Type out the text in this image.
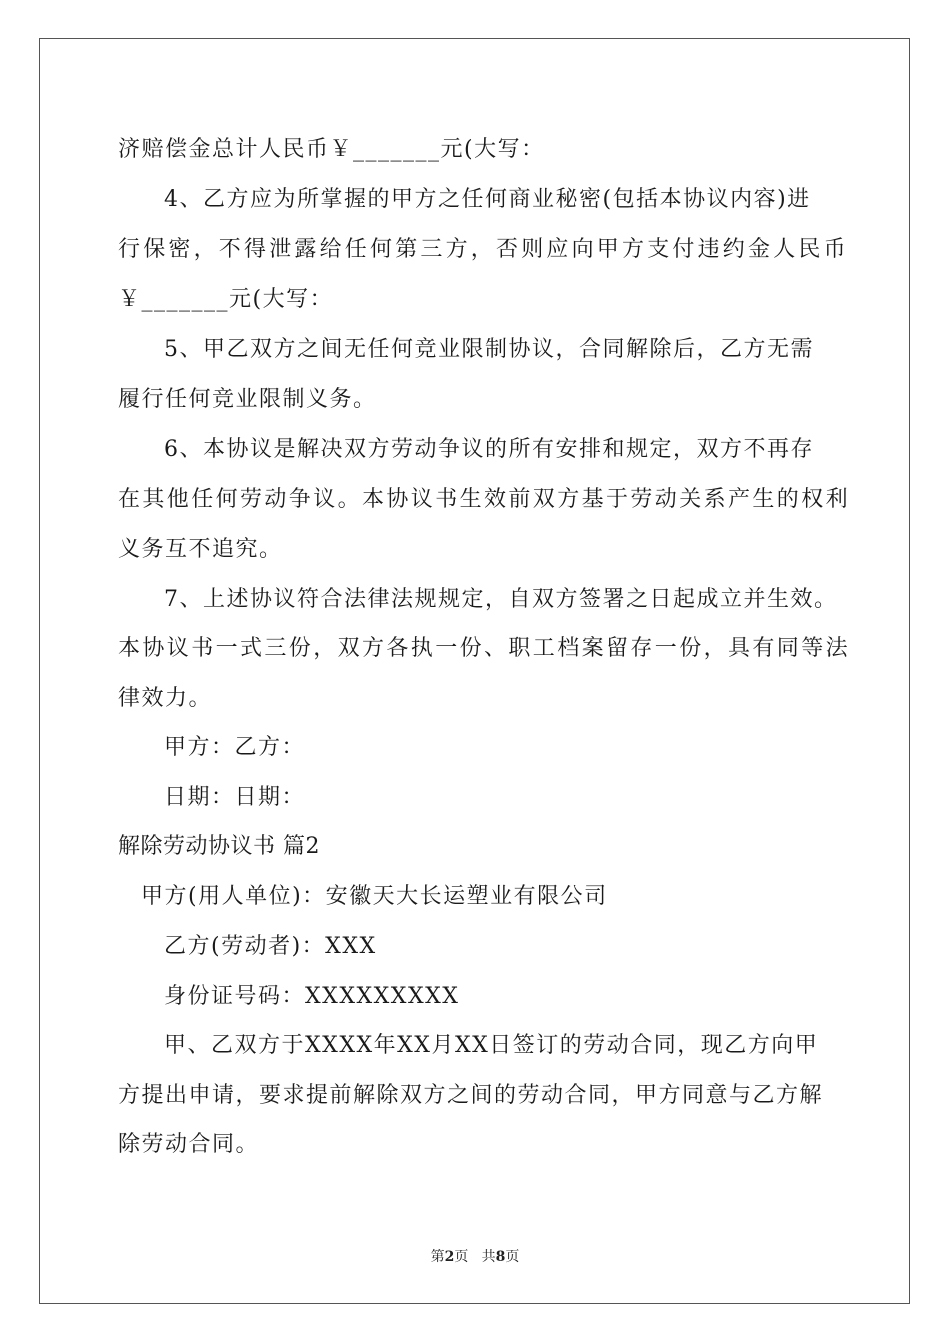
济赔偿金总计人民币￥_______元(大写：
4、乙方应为所掌握的甲方之任何商业秘密(包括本协议内容)进
行保密，不得泄露给任何第三方，否则应向甲方支付违约金人民币
￥_______元(大写：
5、甲乙双方之间无任何竞业限制协议，合同解除后，乙方无需
履行任何竞业限制义务。
6、本协议是解决双方劳动争议的所有安排和规定，双方不再存
在其他任何劳动争议。本协议书生效前双方基于劳动关系产生的权利
义务互不追究。
7、上述协议符合法律法规规定，自双方签署之日起成立并生效。
本协议书一式三份，双方各执一份、职工档案留存一份，具有同等法
律效力。
甲方：乙方：
日期：日期：
解除劳动协议书 篇2
甲方(用人单位)：安徽天大长运塑业有限公司
乙方(劳动者)：XXX
身份证号码：XXXXXXXXX
甲、乙双方于XXXX年XX月XX日签订的劳动合同，现乙方向甲
方提出申请，要求提前解除双方之间的劳动合同，甲方同意与乙方解
除劳动合同。
第2页 共8页
